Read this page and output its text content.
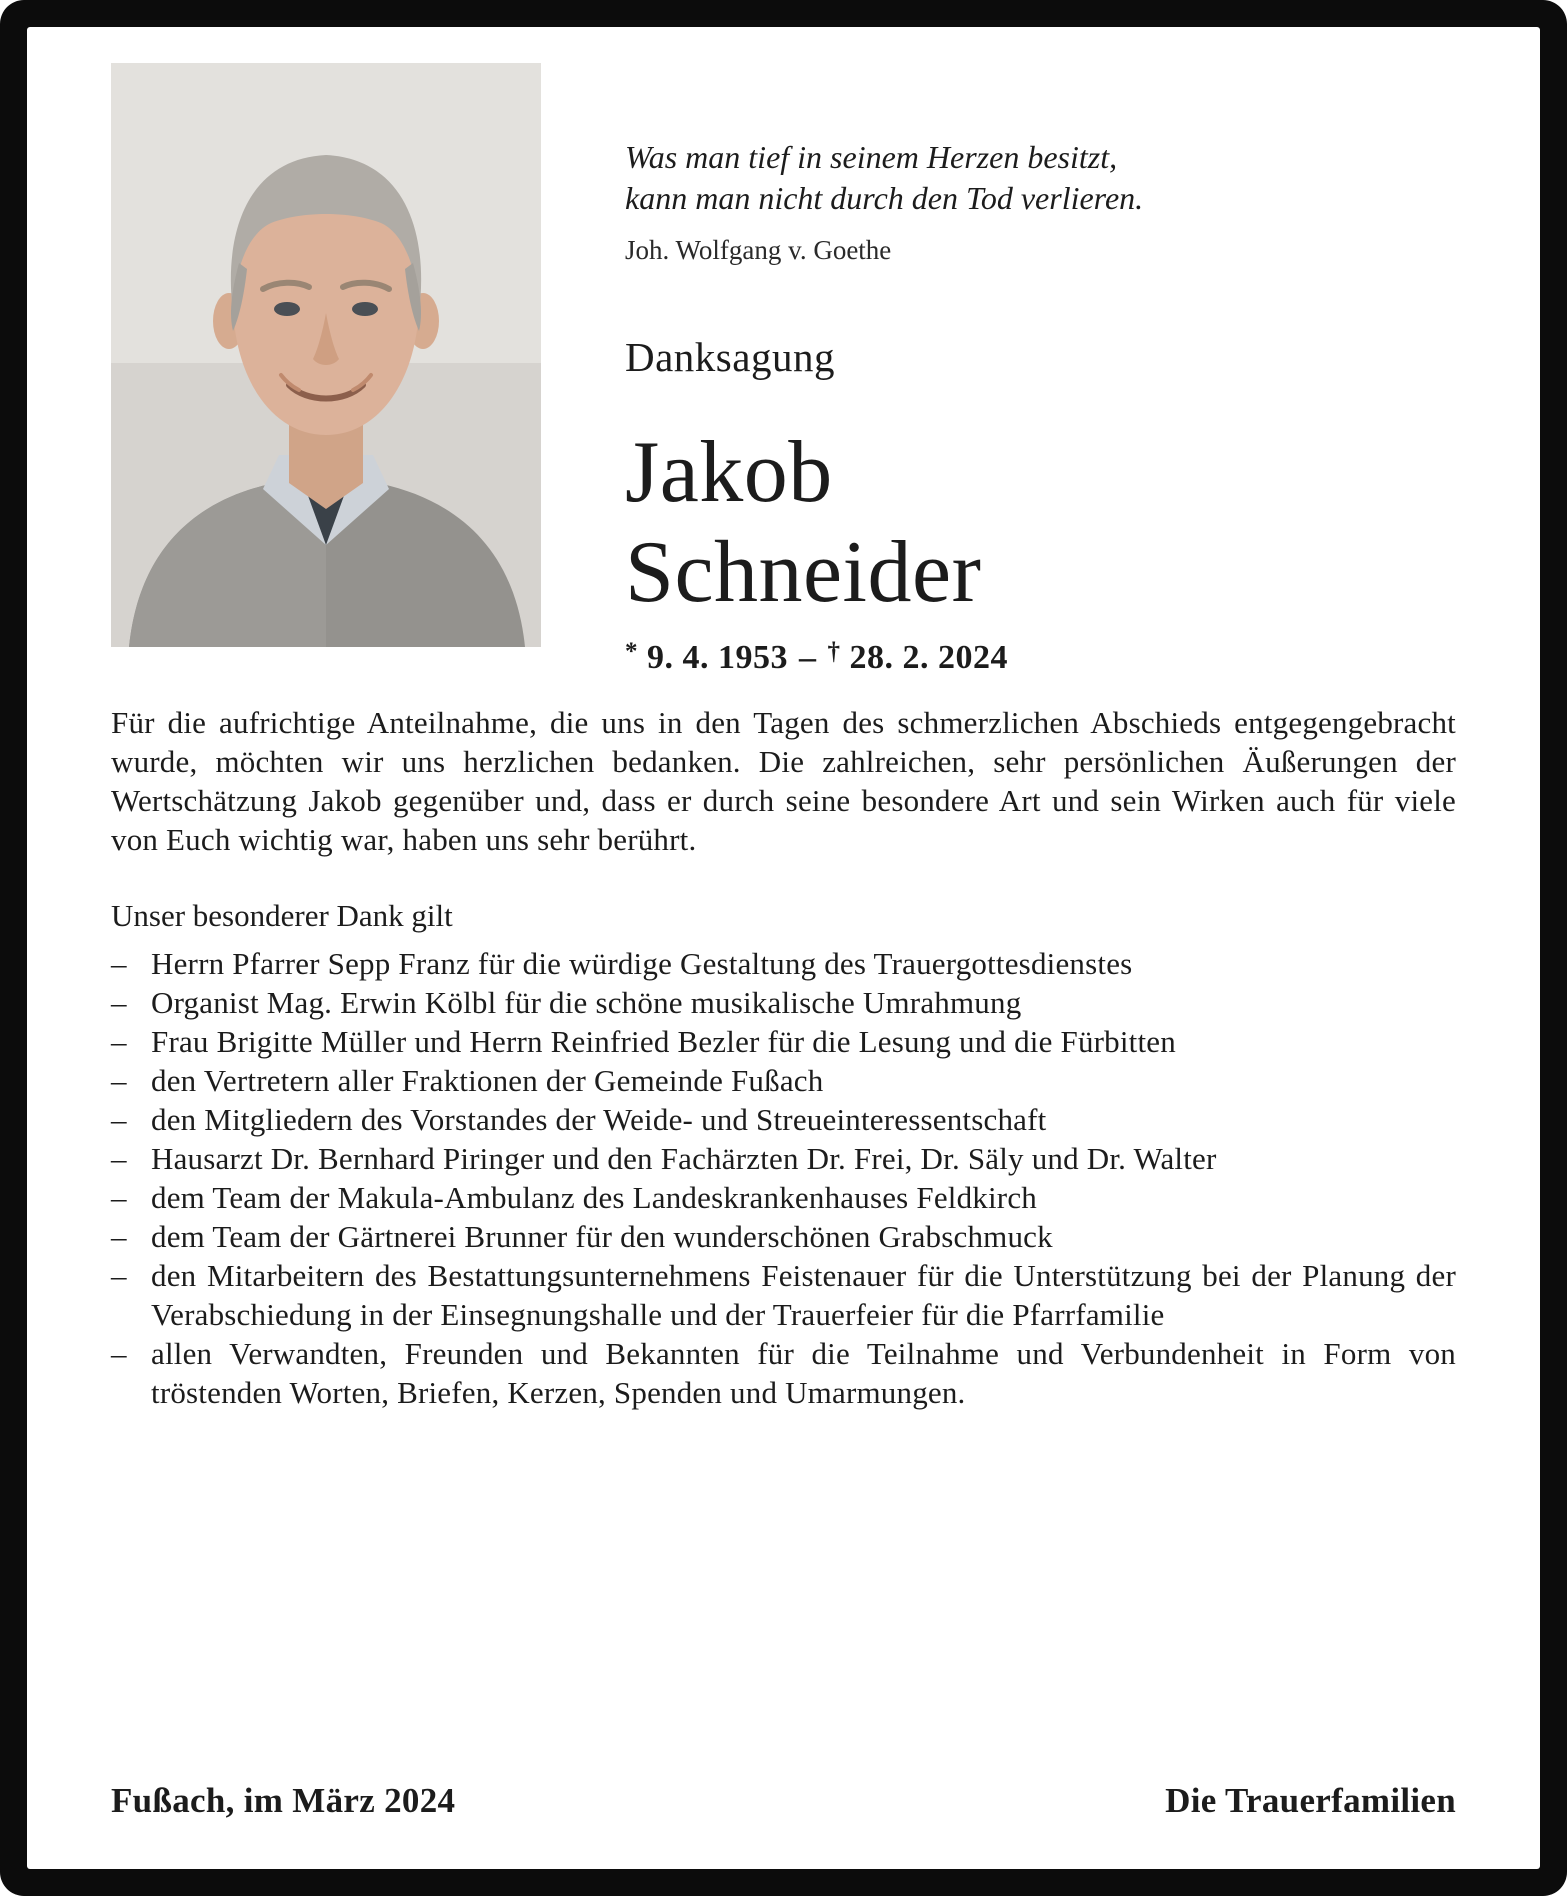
Was man tief in seinem Herzen besitzt,
kann man nicht durch den Tod verlieren.
Joh. Wolfgang v. Goethe
Danksagung
Jakob
Schneider
* 9. 4. 1953 – † 28. 2. 2024
Für die aufrichtige Anteilnahme, die uns in den Tagen des schmerzlichen Abschieds entgegengebracht wurde, möchten wir uns herzlichen bedanken. Die zahlreichen, sehr persönlichen Äußerungen der Wertschätzung Jakob gegenüber und, dass er durch seine besondere Art und sein Wirken auch für viele von Euch wichtig war, haben uns sehr berührt.
Unser besonderer Dank gilt
– Herrn Pfarrer Sepp Franz für die würdige Gestaltung des Trauergottesdienstes
– Organist Mag. Erwin Kölbl für die schöne musikalische Umrahmung
– Frau Brigitte Müller und Herrn Reinfried Bezler für die Lesung und die Fürbitten
– den Vertretern aller Fraktionen der Gemeinde Fußach
– den Mitgliedern des Vorstandes der Weide- und Streueinteressentschaft
– Hausarzt Dr. Bernhard Piringer und den Fachärzten Dr. Frei, Dr. Säly und Dr. Walter
– dem Team der Makula-Ambulanz des Landeskrankenhauses Feldkirch
– dem Team der Gärtnerei Brunner für den wunderschönen Grabschmuck
– den Mitarbeitern des Bestattungsunternehmens Feistenauer für die Unterstützung bei der Planung der Verabschiedung in der Einsegnungshalle und der Trauerfeier für die Pfarrfamilie
– allen Verwandten, Freunden und Bekannten für die Teilnahme und Verbundenheit in Form von tröstenden Worten, Briefen, Kerzen, Spenden und Umarmungen.
Fußach, im März 2024	Die Trauerfamilien
